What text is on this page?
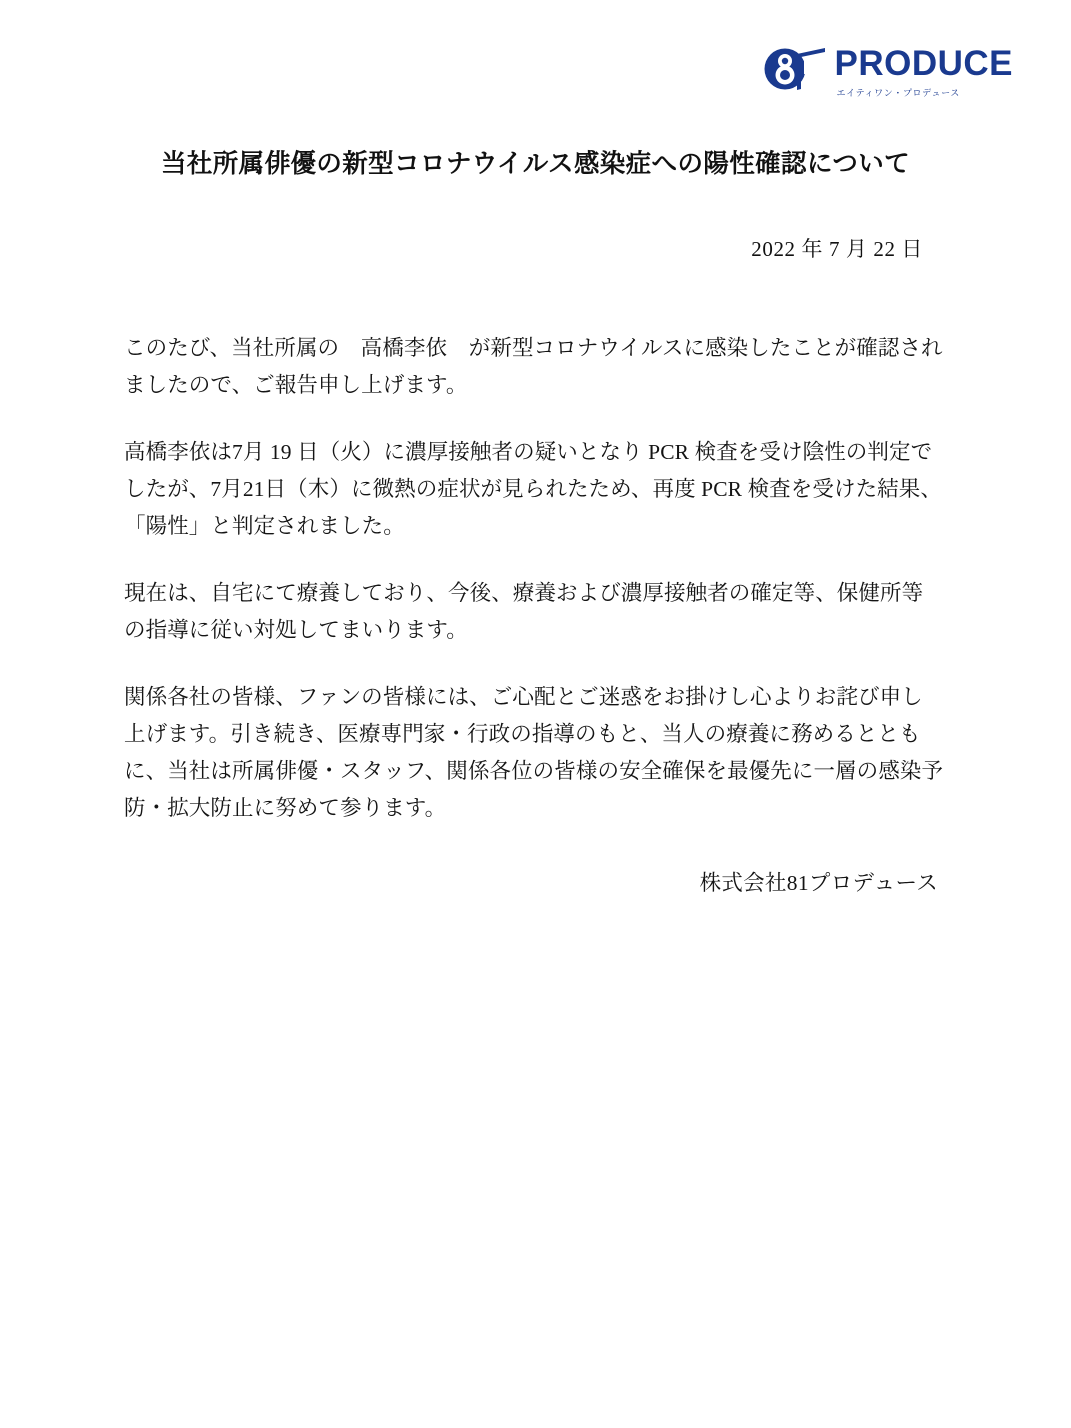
PRODUCE
エイティワン・プロデュース
当社所属俳優の新型コロナウイルス感染症への陽性確認について
2022 年 7 月 22 日

このたび、当社所属の　高橋李依　が新型コロナウイルスに感染したことが確認されましたので、ご報告申し上げます。

高橋李依は7月 19 日（火）に濃厚接触者の疑いとなり PCR 検査を受け陰性の判定でしたが、7月21日（木）に微熱の症状が見られたため、再度 PCR 検査を受けた結果、「陽性」と判定されました。

現在は、自宅にて療養しており、今後、療養および濃厚接触者の確定等、保健所等の指導に従い対処してまいります。

関係各社の皆様、ファンの皆様には、ご心配とご迷惑をお掛けし心よりお詫び申し上げます。引き続き、医療専門家・行政の指導のもと、当人の療養に務めるとともに、当社は所属俳優・スタッフ、関係各位の皆様の安全確保を最優先に一層の感染予防・拡大防止に努めて参ります。

株式会社81プロデュース
